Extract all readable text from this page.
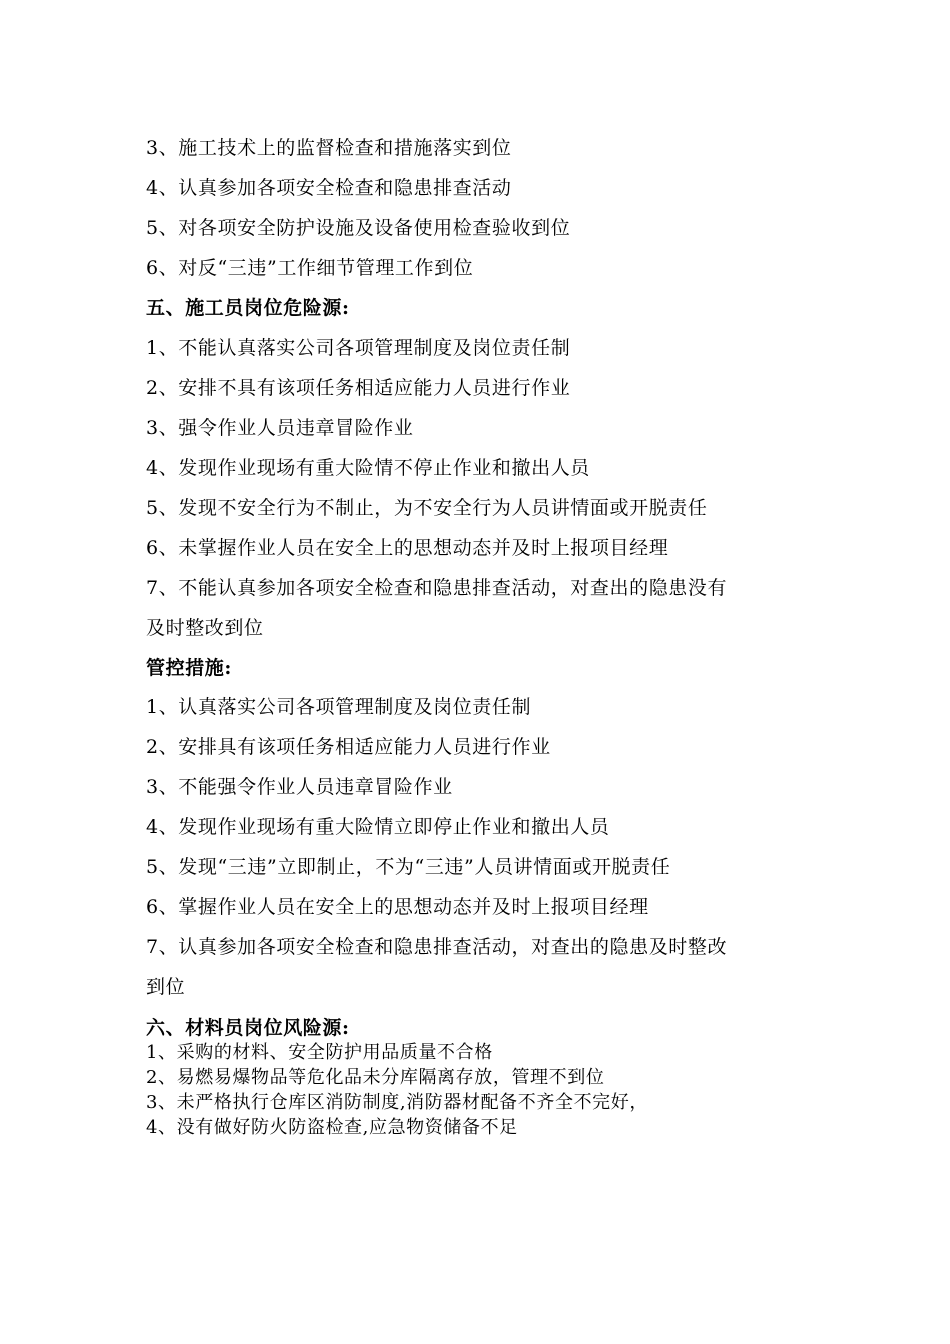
3、施工技术上的监督检查和措施落实到位
4、认真参加各项安全检查和隐患排查活动
5、对各项安全防护设施及设备使用检查验收到位
6、对反“三违”工作细节管理工作到位
五、施工员岗位危险源:
1、不能认真落实公司各项管理制度及岗位责任制
2、安排不具有该项任务相适应能力人员进行作业
3、强令作业人员违章冒险作业
4、发现作业现场有重大险情不停止作业和撤出人员
5、发现不安全行为不制止，为不安全行为人员讲情面或开脱责任
6、未掌握作业人员在安全上的思想动态并及时上报项目经理
7、不能认真参加各项安全检查和隐患排查活动，对查出的隐患没有
及时整改到位
管控措施:
1、认真落实公司各项管理制度及岗位责任制
2、安排具有该项任务相适应能力人员进行作业
3、不能强令作业人员违章冒险作业
4、发现作业现场有重大险情立即停止作业和撤出人员
5、发现“三违”立即制止，不为“三违”人员讲情面或开脱责任
6、掌握作业人员在安全上的思想动态并及时上报项目经理
7、认真参加各项安全检查和隐患排查活动，对查出的隐患及时整改
到位
六、材料员岗位风险源:
1、采购的材料、安全防护用品质量不合格
2、易燃易爆物品等危化品未分库隔离存放，管理不到位
3、未严格执行仓库区消防制度,消防器材配备不齐全不完好，
4、没有做好防火防盗检查,应急物资储备不足
